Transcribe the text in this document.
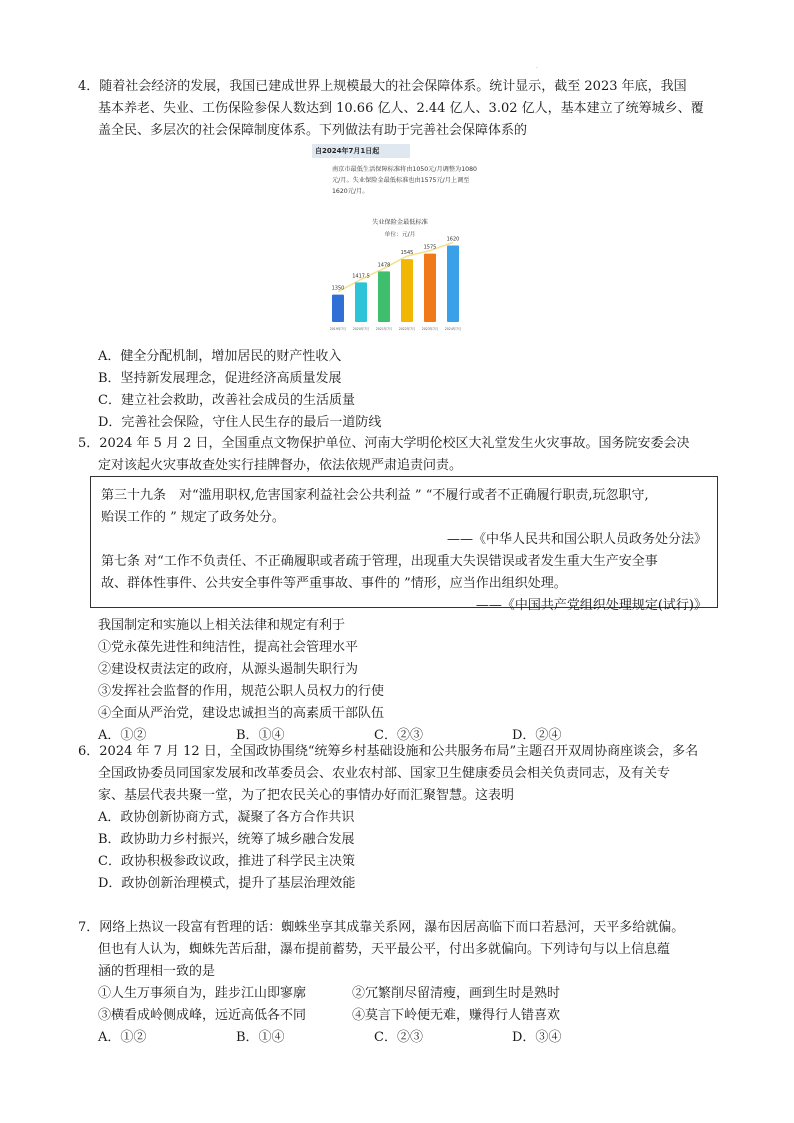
.
4．随着社会经济的发展，我国已建成世界上规模最大的社会保障体系。统计显示，截至 2023 年底，我国
基本养老、失业、工伤保险参保人数达到 10.66 亿人、2.44 亿人、3.02 亿人，基本建立了统筹城乡、覆
盖全民、多层次的社会保障制度体系。下列做法有助于完善社会保障体系的
自2024年7月1日起
南京市最低生活保障标准将由1050元/月调整为1080元/月。失业保险金最低标准也由1575元/月上调至1620元/月。
失业保险金最低标准
单位：元/月
1350
2019年7月
1417.5
2020年7月
1478
2021年7月
1545
2022年7月
1575
2023年7月
1620
2024年7月
A．健全分配机制，增加居民的财产性收入
B．坚持新发展理念，促进经济高质量发展
C．建立社会救助，改善社会成员的生活质量
D．完善社会保险，守住人民生存的最后一道防线
5．2024 年 5 月 2 日，全国重点文物保护单位、河南大学明伦校区大礼堂发生火灾事故。国务院安委会决
定对该起火灾事故查处实行挂牌督办，依法依规严肃追责问责。
第三十九条　对“滥用职权,危害国家利益社会公共利益 ” “不履行或者不正确履行职责,玩忽职守,
贻误工作的 ” 规定了政务处分。
——《中华人民共和国公职人员政务处分法》
第七条 对“工作不负责任、不正确履职或者疏于管理，出现重大失误错误或者发生重大生产安全事
故、群体性事件、公共安全事件等严重事故、事件的 ”情形，应当作出组织处理。
——《中国共产党组织处理规定(试行)》
我国制定和实施以上相关法律和规定有利于
①党永葆先进性和纯洁性，提高社会管理水平
②建设权责法定的政府，从源头遏制失职行为
③发挥社会监督的作用，规范公职人员权力的行使
④全面从严治党，建设忠诚担当的高素质干部队伍
A．①②	B．①④	C．②③	D．②④
6．2024 年 7 月 12 日，全国政协围绕“统筹乡村基础设施和公共服务布局”主题召开双周协商座谈会，多名
全国政协委员同国家发展和改革委员会、农业农村部、国家卫生健康委员会相关负责同志，及有关专
家、基层代表共聚一堂，为了把农民关心的事情办好而汇聚智慧。这表明
A．政协创新协商方式，凝聚了各方合作共识
B．政协助力乡村振兴，统筹了城乡融合发展
C．政协积极参政议政，推进了科学民主决策
D．政协创新治理模式，提升了基层治理效能
7．网络上热议一段富有哲理的话：蜘蛛坐享其成靠关系网，瀑布因居高临下而口若悬河，天平多给就偏。
但也有人认为，蜘蛛先苦后甜，瀑布提前蓄势，天平最公平，付出多就偏向。下列诗句与以上信息蕴
涵的哲理相一致的是
①人生万事须自为，跬步江山即寥廓	②冗繁削尽留清瘦，画到生时是熟时
③横看成岭侧成峰，远近高低各不同	④莫言下岭便无难，赚得行人错喜欢
A．①②	B．①④	C．②③	D．③④
